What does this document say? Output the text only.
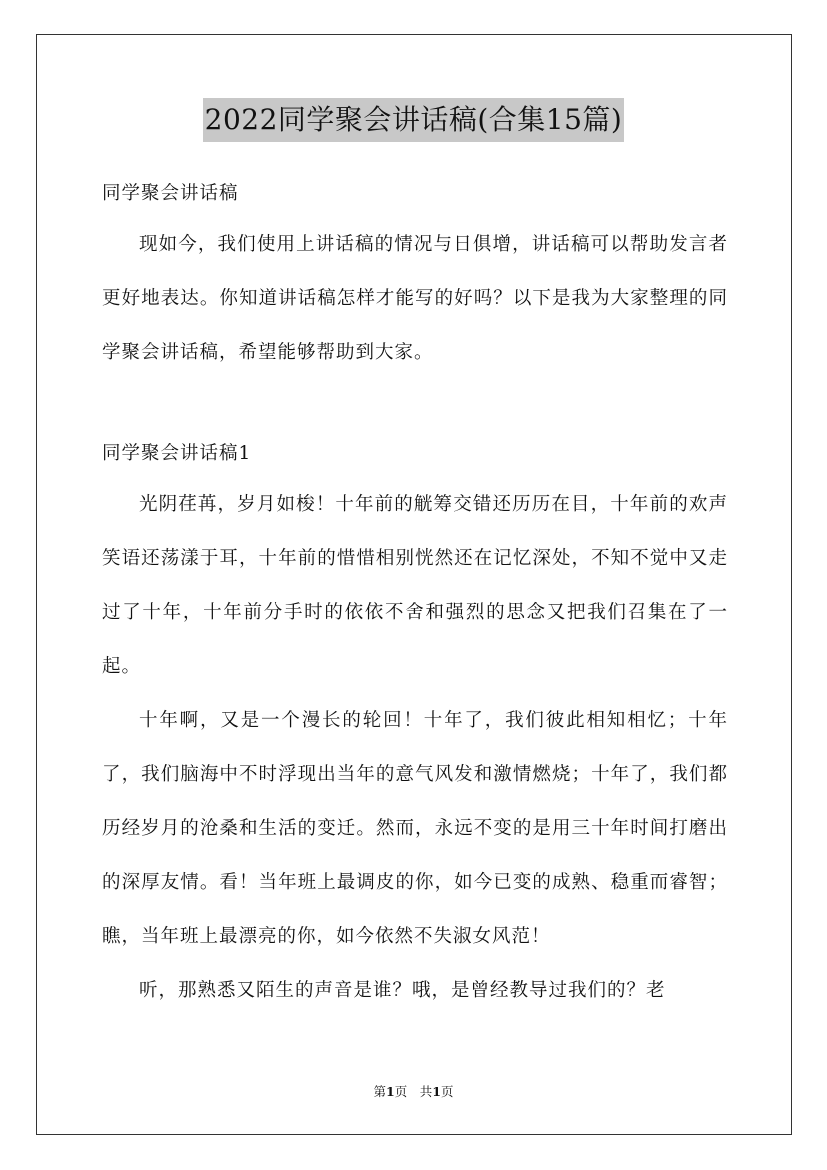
2022同学聚会讲话稿(合集15篇)

同学聚会讲话稿

现如今，我们使用上讲话稿的情况与日俱增，讲话稿可以帮助发言者更好地表达。你知道讲话稿怎样才能写的好吗？以下是我为大家整理的同学聚会讲话稿，希望能够帮助到大家。

同学聚会讲话稿1

光阴荏苒，岁月如梭！十年前的觥筹交错还历历在目，十年前的欢声笑语还荡漾于耳，十年前的惜惜相别恍然还在记忆深处，不知不觉中又走过了十年，十年前分手时的依依不舍和强烈的思念又把我们召集在了一起。

十年啊，又是一个漫长的轮回！十年了，我们彼此相知相忆；十年了，我们脑海中不时浮现出当年的意气风发和激情燃烧；十年了，我们都历经岁月的沧桑和生活的变迁。然而，永远不变的是用三十年时间打磨出的深厚友情。看！当年班上最调皮的你，如今已变的成熟、稳重而睿智；瞧，当年班上最漂亮的你，如今依然不失淑女风范！

听，那熟悉又陌生的声音是谁？哦，是曾经教导过我们的？老

第1页　共1页
